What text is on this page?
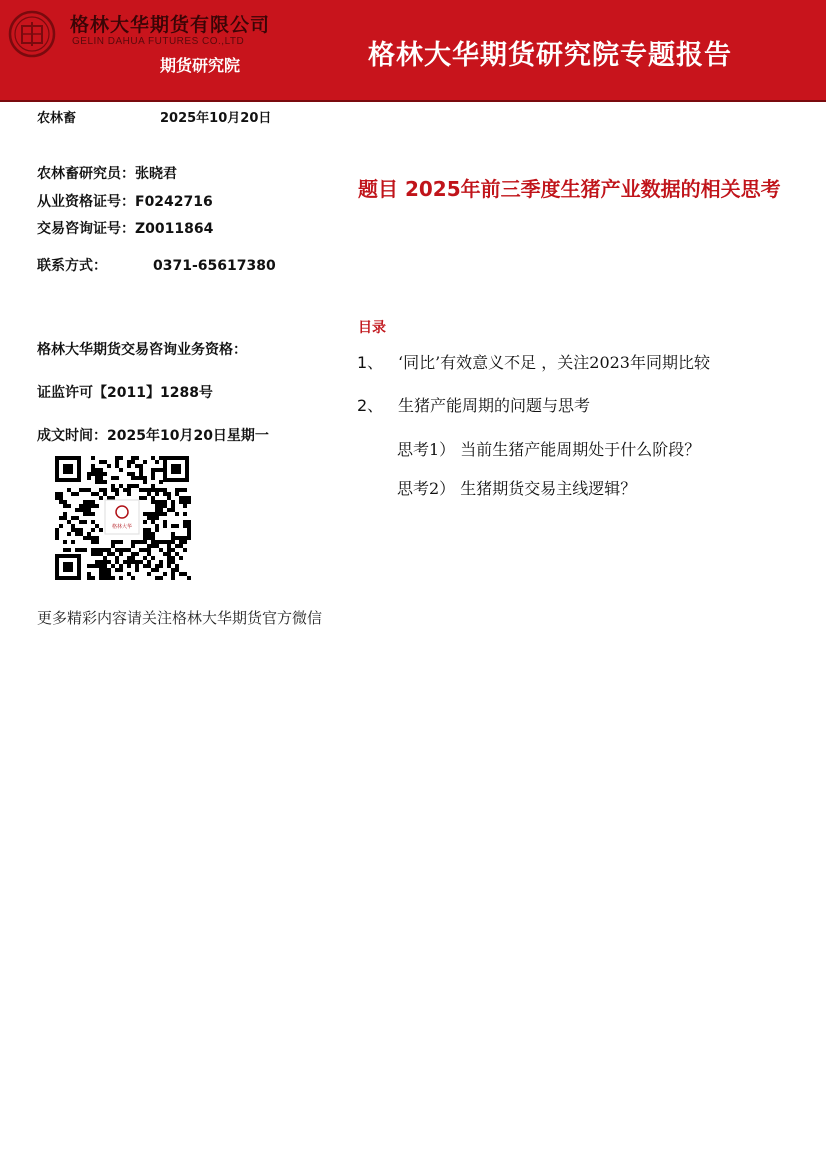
格林大华期货有限公司
GELIN DAHUA FUTURES CO.,LTD
期货研究院	格林大华期货研究院专题报告
农林畜	2025年10月20日
农林畜研究员：张晓君
从业资格证号：F0242716
交易咨询证号：Z0011864
联系方式：	0371-65617380
格林大华期货交易咨询业务资格：
证监许可【2011】1288号
成文时间：2025年10月20日星期一
格林大华
更多精彩内容请关注格林大华期货官方微信
题目 2025年前三季度生猪产业数据的相关思考
目录
1、 ‘同比’有效意义不足 ，关注2023年同期比较
2、 生猪产能周期的问题与思考
思考1） 当前生猪产能周期处于什么阶段？
思考2） 生猪期货交易主线逻辑？
